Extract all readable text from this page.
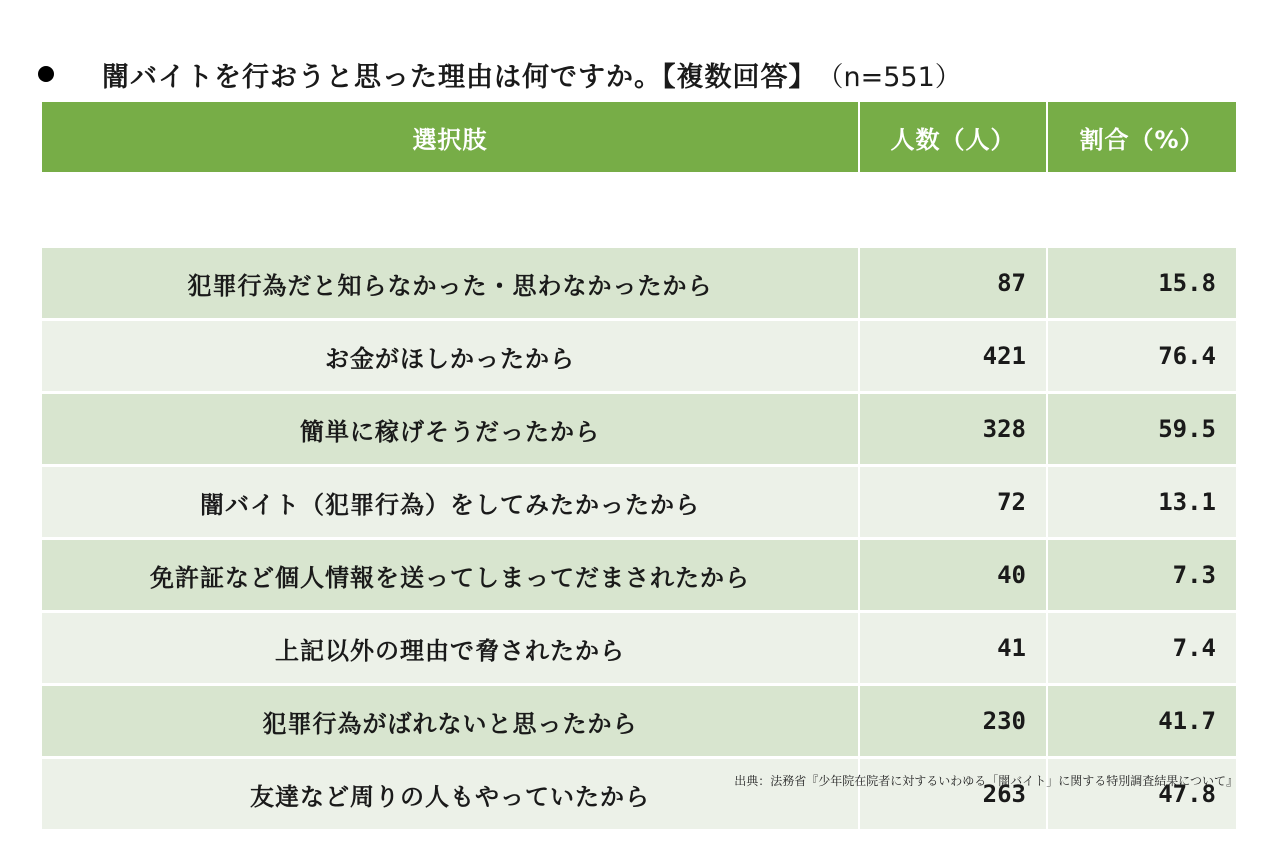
闇バイトを行おうと思った理由は何ですか。【複数回答】 （n=551）
選択肢	人数（人）	割合（%）

犯罪行為だと知らなかった・思わなかったから	87	15.8
お金がほしかったから	421	76.4
簡単に稼げそうだったから	328	59.5
闇バイト（犯罪行為）をしてみたかったから	72	13.1
免許証など個人情報を送ってしまってだまされたから	40	7.3
上記以外の理由で脅されたから	41	7.4
犯罪行為がばれないと思ったから	230	41.7
友達など周りの人もやっていたから	263	47.8
出典：法務省『少年院在院者に対するいわゆる「闇バイト」に関する特別調査結果について』
